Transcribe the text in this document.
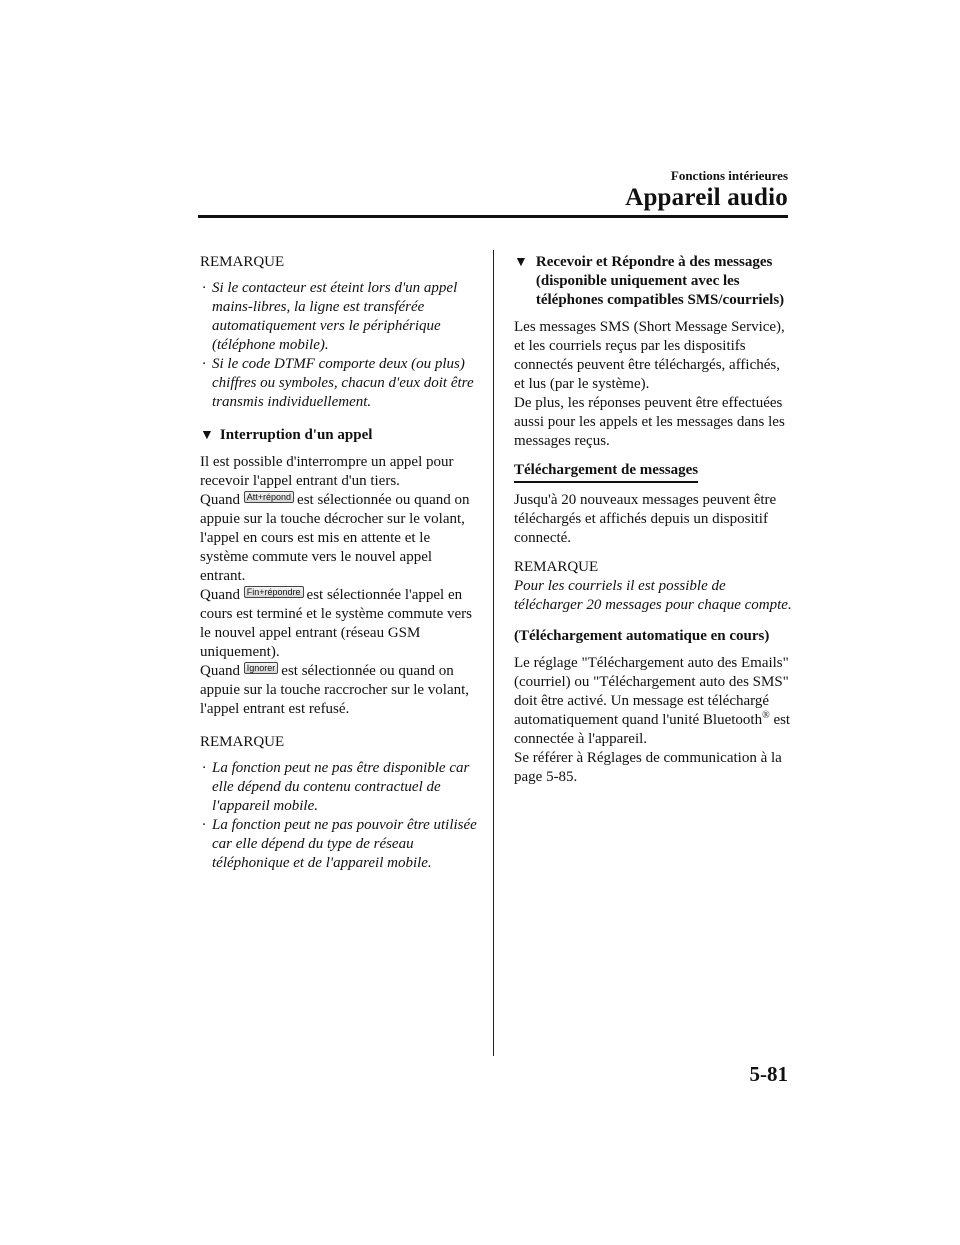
Fonctions intérieures
Appareil audio
REMARQUE
· Si le contacteur est éteint lors d'un appel mains-libres, la ligne est transférée automatiquement vers le périphérique (téléphone mobile).
· Si le code DTMF comporte deux (ou plus) chiffres ou symboles, chacun d'eux doit être transmis individuellement.
▼ Interruption d'un appel

Il est possible d'interrompre un appel pour recevoir l'appel entrant d'un tiers.

Quand Att+répond est sélectionnée ou quand on appuie sur la touche décrocher sur le volant, l'appel en cours est mis en attente et le système commute vers le nouvel appel entrant.

Quand Fin+répondre est sélectionnée l'appel en cours est terminé et le système commute vers le nouvel appel entrant (réseau GSM uniquement).

Quand Ignorer est sélectionnée ou quand on appuie sur la touche raccrocher sur le volant, l'appel entrant est refusé.

REMARQUE
· La fonction peut ne pas être disponible car elle dépend du contenu contractuel de l'appareil mobile.
· La fonction peut ne pas pouvoir être utilisée car elle dépend du type de réseau téléphonique et de l'appareil mobile.
▼ Recevoir et Répondre à des messages (disponible uniquement avec les téléphones compatibles SMS/courriels)

Les messages SMS (Short Message Service), et les courriels reçus par les dispositifs connectés peuvent être téléchargés, affichés, et lus (par le système).

De plus, les réponses peuvent être effectuées aussi pour les appels et les messages dans les messages reçus.

Téléchargement de messages

Jusqu'à 20 nouveaux messages peuvent être téléchargés et affichés depuis un dispositif connecté.

REMARQUE

Pour les courriels il est possible de télécharger 20 messages pour chaque compte.

(Téléchargement automatique en cours)

Le réglage "Téléchargement auto des Emails" (courriel) ou "Téléchargement auto des SMS" doit être activé. Un message est téléchargé automatiquement quand l'unité Bluetooth® est connectée à l'appareil.

Se référer à Réglages de communication à la page 5-85.

5-81
